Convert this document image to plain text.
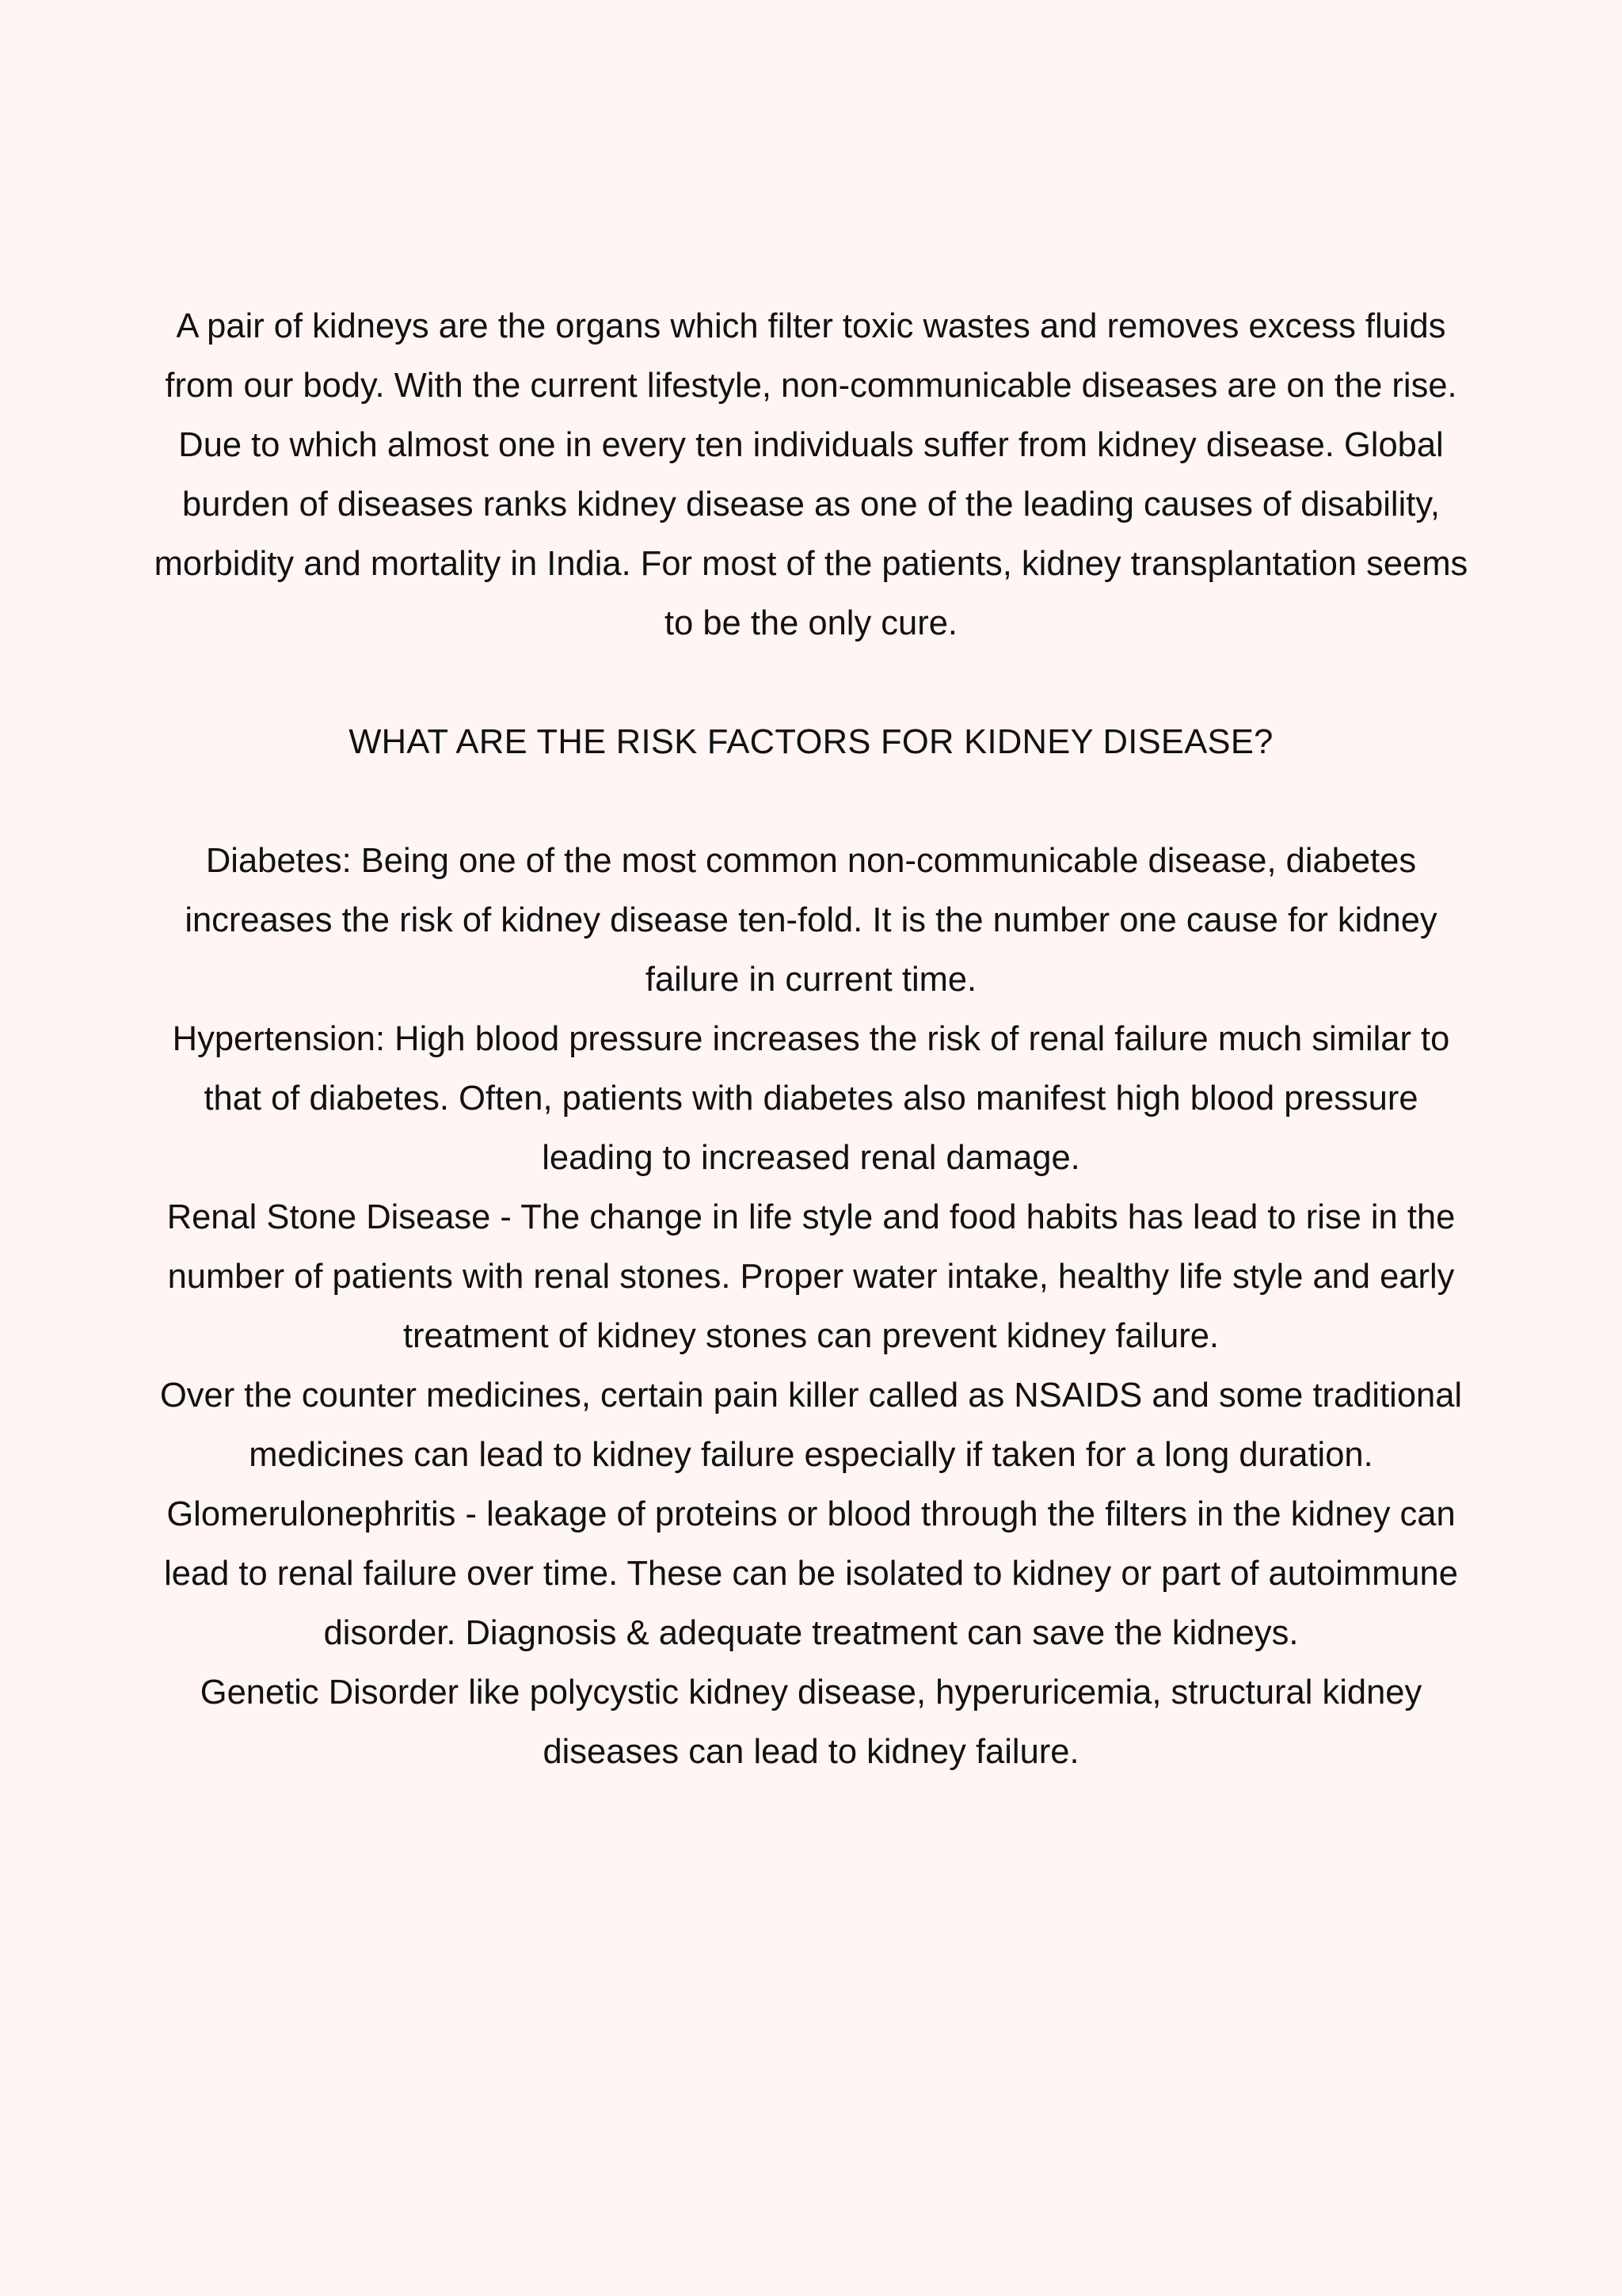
A pair of kidneys are the organs which filter toxic wastes and removes excess fluids from our body. With the current lifestyle, non-communicable diseases are on the rise. Due to which almost one in every ten individuals suffer from kidney disease. Global burden of diseases ranks kidney disease as one of the leading causes of disability, morbidity and mortality in India. For most of the patients, kidney transplantation seems to be the only cure.

WHAT ARE THE RISK FACTORS FOR KIDNEY DISEASE?

Diabetes: Being one of the most common non-communicable disease, diabetes increases the risk of kidney disease ten-fold. It is the number one cause for kidney failure in current time.

Hypertension: High blood pressure increases the risk of renal failure much similar to that of diabetes. Often, patients with diabetes also manifest high blood pressure leading to increased renal damage.

Renal Stone Disease - The change in life style and food habits has lead to rise in the number of patients with renal stones. Proper water intake, healthy life style and early treatment of kidney stones can prevent kidney failure.

Over the counter medicines, certain pain killer called as NSAIDS and some traditional medicines can lead to kidney failure especially if taken for a long duration.

Glomerulonephritis - leakage of proteins or blood through the filters in the kidney can lead to renal failure over time. These can be isolated to kidney or part of autoimmune disorder. Diagnosis & adequate treatment can save the kidneys.

Genetic Disorder like polycystic kidney disease, hyperuricemia, structural kidney diseases can lead to kidney failure.
